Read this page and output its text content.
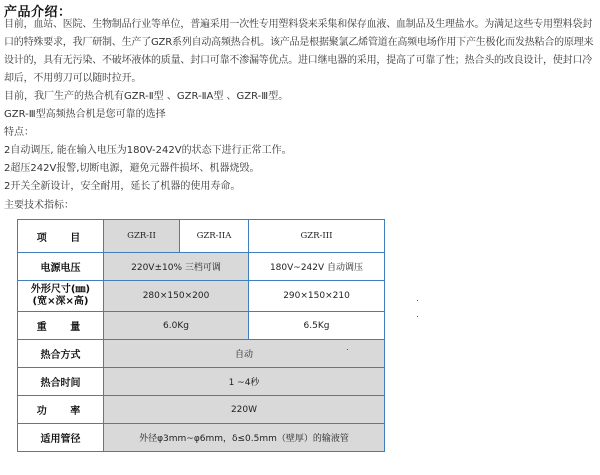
产品介绍：
目前，血站、医院、生物制品行业等单位，普遍采用一次性专用塑料袋来采集和保存血液、血制品及生理盐水。为满足这些专用塑料袋封口的特殊要求，我厂研制、生产了GZR系列自动高频热合机。该产品是根据聚氯乙烯管道在高频电场作用下产生极化而发热粘合的原理来设计的，具有无污染、不破坏液体的质量、封口可靠不渗漏等优点。进口继电器的采用，提高了可靠了性；热合头的改良设计，使封口冷却后，不用剪刀可以随时拉开。
目前，我厂生产的热合机有GZR-Ⅱ型 、GZR-ⅡA型 、GZR-Ⅲ型。
GZR-Ⅲ型高频热合机是您可靠的选择
特点：
2自动调压, 能在输入电压为180V-242V的状态下进行正常工作。
2超压242V报警,切断电源，避免元器件损坏、机器烧毁。
2开关全新设计，安全耐用，延长了机器的使用寿命。
主要技术指标：
项 目	GZR-II	GZR-IIA	GZR-III
电源电压	220V±10% 三档可调		180V~242V 自动调压
外形尺寸(㎜)
(宽×深×高)	280×150×200		290×150×210
重 量	6.0Kg		6.5Kg
热合方式	自动		
热合时间	1 ~4秒		
功 率	220W		
适用管径	外径φ3mm~φ6mm，δ≤0.5mm（壁厚）的输液管		
